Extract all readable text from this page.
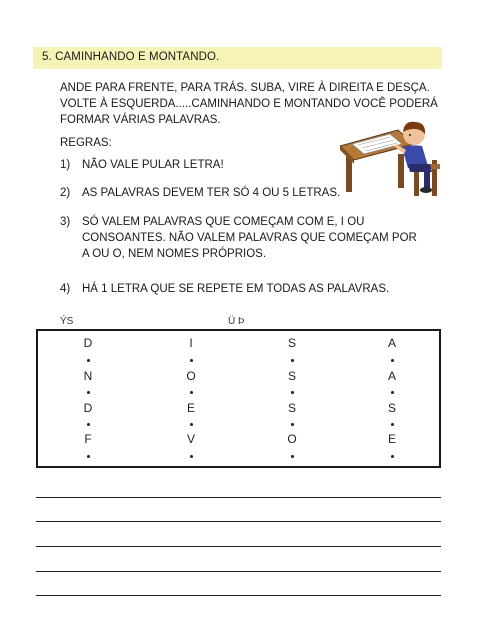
5. CAMINHANDO E MONTANDO.
ANDE PARA FRENTE, PARA TRÁS. SUBA, VIRE À DIREITA E DESÇA.
VOLTE À ESQUERDA.....CAMINHANDO E MONTANDO VOCÊ PODERÁ
FORMAR VÁRIAS PALAVRAS.
REGRAS:
1) NÃO VALE PULAR LETRA!
2) AS PALAVRAS DEVEM TER SÓ 4 OU 5 LETRAS.
3) SÓ VALEM PALAVRAS QUE COMEÇAM COM E, I OU
CONSOANTES. NÃO VALEM PALAVRAS QUE COMEÇAM POR
A OU O, NEM NOMES PRÓPRIOS.
4) HÁ 1 LETRA QUE SE REPETE EM TODAS AS PALAVRAS.
ÝS	Ü Þ
D	I	S	A
N	O	S	A
D	E	S	S
F	V	O	E
